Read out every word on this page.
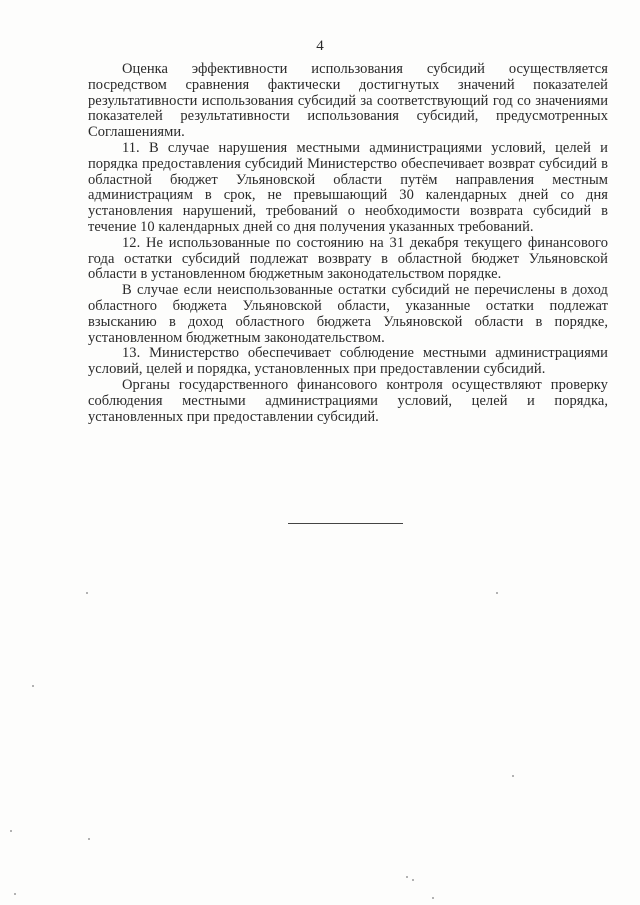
4

Оценка эффективности использования субсидий осуществляется посредством сравнения фактически достигнутых значений показателей результативности использования субсидий за соответствующий год со значениями показателей результативности использования субсидий, предусмотренных Соглашениями.

11. В случае нарушения местными администрациями условий, целей и порядка предоставления субсидий Министерство обеспечивает возврат субсидий в областной бюджет Ульяновской области путём направления местным администрациям в срок, не превышающий 30 календарных дней со дня установления нарушений, требований о необходимости возврата субсидий в течение 10 календарных дней со дня получения указанных требований.

12. Не использованные по состоянию на 31 декабря текущего финансового года остатки субсидий подлежат возврату в областной бюджет Ульяновской области в установленном бюджетным законодательством порядке.

В случае если неиспользованные остатки субсидий не перечислены в доход областного бюджета Ульяновской области, указанные остатки подлежат взысканию в доход областного бюджета Ульяновской области в порядке, установленном бюджетным законодательством.

13. Министерство обеспечивает соблюдение местными администрациями условий, целей и порядка, установленных при предоставлении субсидий.

Органы государственного финансового контроля осуществляют проверку соблюдения местными администрациями условий, целей и порядка, установленных при предоставлении субсидий.
